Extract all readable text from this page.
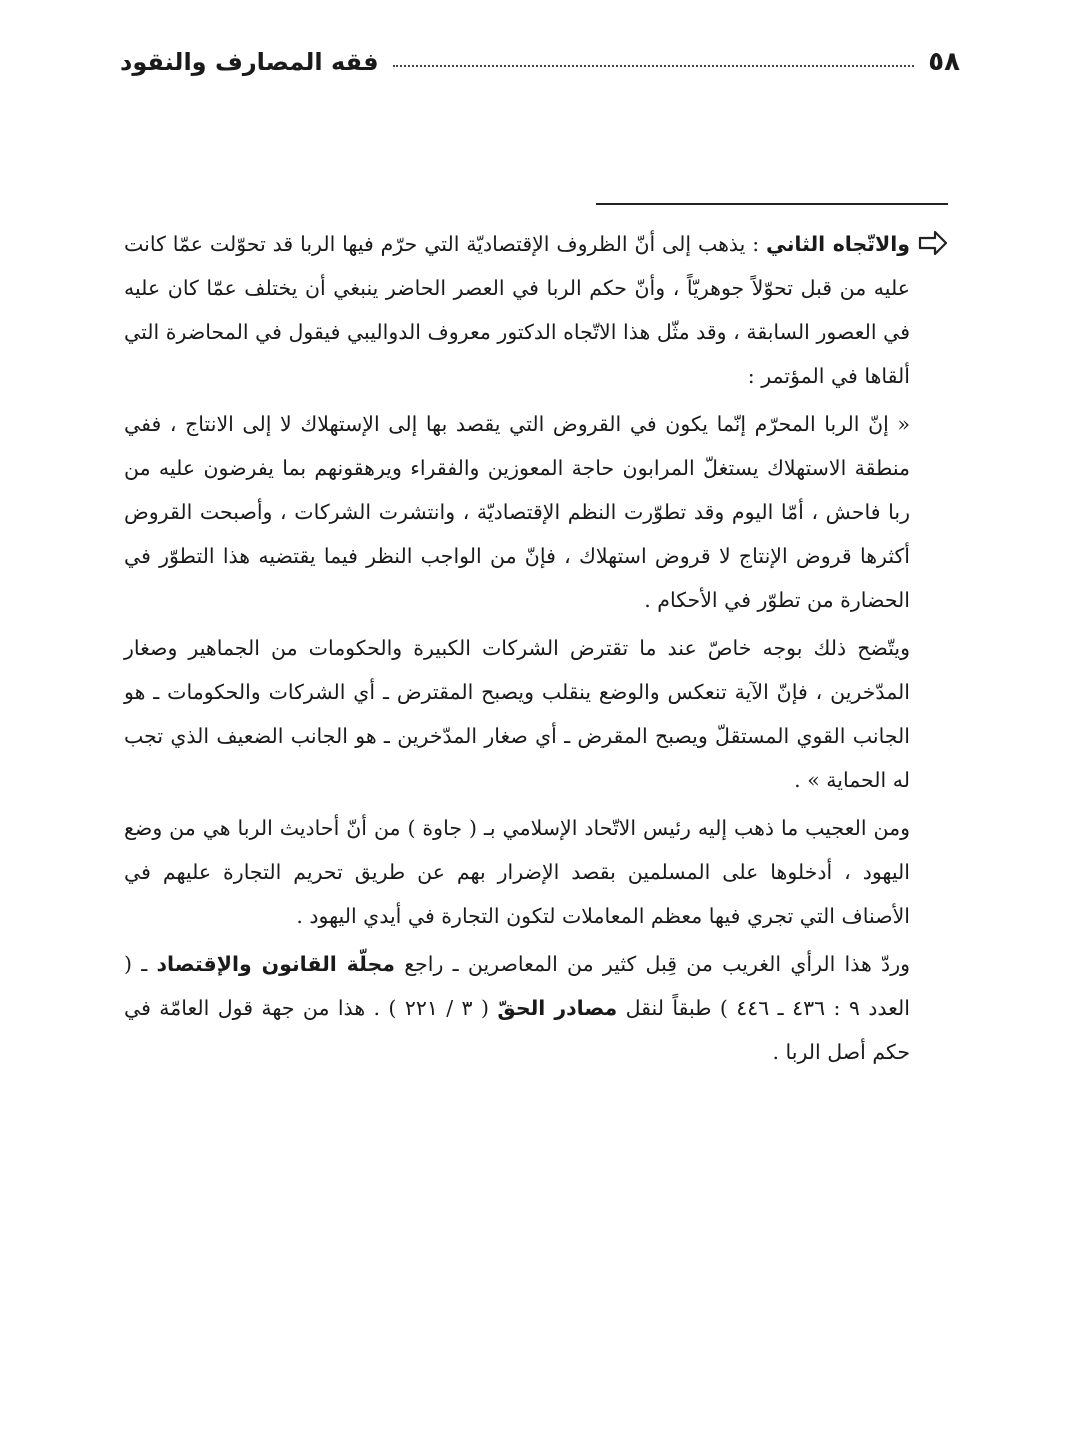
٥٨
فقه المصارف والنقود

والاتّجاه الثاني : يذهب إلى أنّ الظروف الإقتصاديّة التي حرّم فيها الربا قد تحوّلت عمّا كانت عليه من قبل تحوّلاً جوهريّاً ، وأنّ حكم الربا في العصر الحاضر ينبغي أن يختلف عمّا كان عليه في العصور السابقة ، وقد مثّل هذا الاتّجاه الدكتور معروف الدواليبي فيقول في المحاضرة التي ألقاها في المؤتمر :

« إنّ الربا المحرّم إنّما يكون في القروض التي يقصد بها إلى الإستهلاك لا إلى الانتاج ، ففي منطقة الاستهلاك يستغلّ المرابون حاجة المعوزين والفقراء ويرهقونهم بما يفرضون عليه من ربا فاحش ، أمّا اليوم وقد تطوّرت النظم الإقتصاديّة ، وانتشرت الشركات ، وأصبحت القروض أكثرها قروض الإنتاج لا قروض استهلاك ، فإنّ من الواجب النظر فيما يقتضيه هذا التطوّر في الحضارة من تطوّر في الأحكام .

ويتّضح ذلك بوجه خاصّ عند ما تقترض الشركات الكبيرة والحكومات من الجماهير وصغار المدّخرين ، فإنّ الآية تنعكس والوضع ينقلب ويصبح المقترض ـ أي الشركات والحكومات ـ هو الجانب القوي المستقلّ ويصبح المقرض ـ أي صغار المدّخرين ـ هو الجانب الضعيف الذي تجب له الحماية » .

ومن العجيب ما ذهب إليه رئيس الاتّحاد الإسلامي بـ ( جاوة ) من أنّ أحاديث الربا هي من وضع اليهود ، أدخلوها على المسلمين بقصد الإضرار بهم عن طريق تحريم التجارة عليهم في الأصناف التي تجري فيها معظم المعاملات لتكون التجارة في أيدي اليهود .

وردّ هذا الرأي الغريب من قِبل كثير من المعاصرين ـ راجع مجلّة القانون والإقتصاد ـ ( العدد ٩ : ٤٣٦ ـ ٤٤٦ ) طبقاً لنقل مصادر الحقّ ( ٣ / ٢٢١ ) . هذا من جهة قول العامّة في حكم أصل الربا .
